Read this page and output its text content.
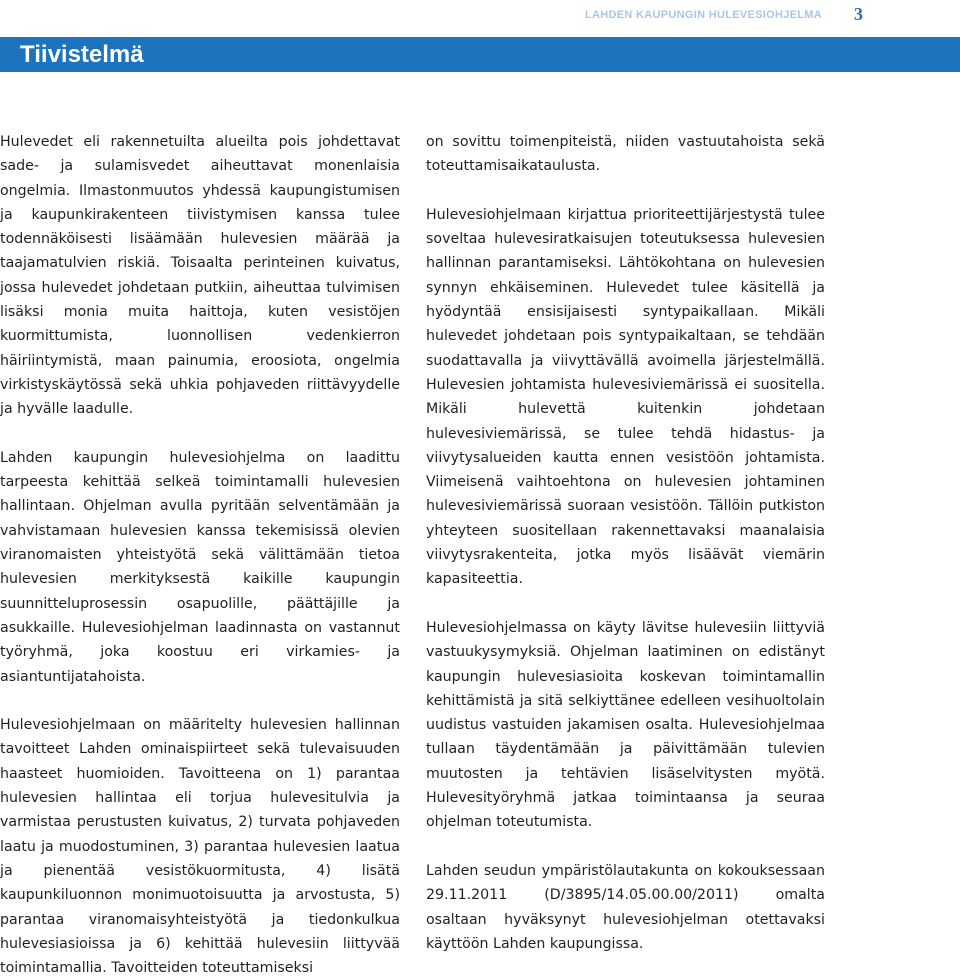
LAHDEN KAUPUNGIN HULEVESIOHJELMA 3
Tiivistelmä

Hulevedet eli rakennetuilta alueilta pois johdettavat sade- ja sulamisvedet aiheuttavat monenlaisia ongelmia. Ilmastonmuutos yhdessä kaupungistumisen ja kaupunkirakenteen tiivistymisen kanssa tulee todennäköisesti lisäämään hulevesien määrää ja taajamatulvien riskiä. Toisaalta perinteinen kuivatus, jossa hulevedet johdetaan putkiin, aiheuttaa tulvimisen lisäksi monia muita haittoja, kuten vesistöjen kuormittumista, luonnollisen vedenkierron häiriintymistä, maan painumia, eroosiota, ongelmia virkistyskäytössä sekä uhkia pohjaveden riittävyydelle ja hyvälle laadulle.

Lahden kaupungin hulevesiohjelma on laadittu tarpeesta kehittää selkeä toimintamalli hulevesien hallintaan. Ohjelman avulla pyritään selventämään ja vahvistamaan hulevesien kanssa tekemisissä olevien viranomaisten yhteistyötä sekä välittämään tietoa hulevesien merkityksestä kaikille kaupungin suunnitteluprosessin osapuolille, päättäjille ja asukkaille. Hulevesiohjelman laadinnasta on vastannut työryhmä, joka koostuu eri virkamies- ja asiantuntijatahoista.

Hulevesiohjelmaan on määritelty hulevesien hallinnan tavoitteet Lahden ominaispiirteet sekä tulevaisuuden haasteet huomioiden. Tavoitteena on 1) parantaa hulevesien hallintaa eli torjua hulevesitulvia ja varmistaa perustusten kuivatus, 2) turvata pohjaveden laatu ja muodostuminen, 3) parantaa hulevesien laatua ja pienentää vesistökuormitusta, 4) lisätä kaupunkiluonnon monimuotoisuutta ja arvostusta, 5) parantaa viranomaisyhteistyötä ja tiedonkulkua hulevesiasioissa ja 6) kehittää hulevesiin liittyvää toimintamallia. Tavoitteiden toteuttamiseksi

on sovittu toimenpiteistä, niiden vastuutahoista sekä toteuttamisaikataulusta.

Hulevesiohjelmaan kirjattua prioriteettijärjestystä tulee soveltaa hulevesiratkaisujen toteutuksessa hulevesien hallinnan parantamiseksi. Lähtökohtana on hulevesien synnyn ehkäiseminen. Hulevedet tulee käsitellä ja hyödyntää ensisijaisesti syntypaikallaan. Mikäli hulevedet johdetaan pois syntypaikaltaan, se tehdään suodattavalla ja viivyttävällä avoimella järjestelmällä. Hulevesien johtamista hulevesiviemärissä ei suositella. Mikäli hulevettä kuitenkin johdetaan hulevesiviemärissä, se tulee tehdä hidastus- ja viivytysalueiden kautta ennen vesistöön johtamista. Viimeisenä vaihtoehtona on hulevesien johtaminen hulevesiviemärissä suoraan vesistöön. Tällöin putkiston yhteyteen suositellaan rakennettavaksi maanalaisia viivytysrakenteita, jotka myös lisäävät viemärin kapasiteettia.

Hulevesiohjelmassa on käyty lävitse hulevesiin liittyviä vastuukysymyksiä. Ohjelman laatiminen on edistänyt kaupungin hulevesiasioita koskevan toimintamallin kehittämistä ja sitä selkiyttänee edelleen vesihuoltolain uudistus vastuiden jakamisen osalta. Hulevesiohjelmaa tullaan täydentämään ja päivittämään tulevien muutosten ja tehtävien lisäselvitysten myötä. Hulevesityöryhmä jatkaa toimintaansa ja seuraa ohjelman toteutumista.

Lahden seudun ympäristölautakunta on kokouksessaan 29.11.2011 (D/3895/14.05.00.00/2011) omalta osaltaan hyväksynyt hulevesiohjelman otettavaksi käyttöön Lahden kaupungissa.
